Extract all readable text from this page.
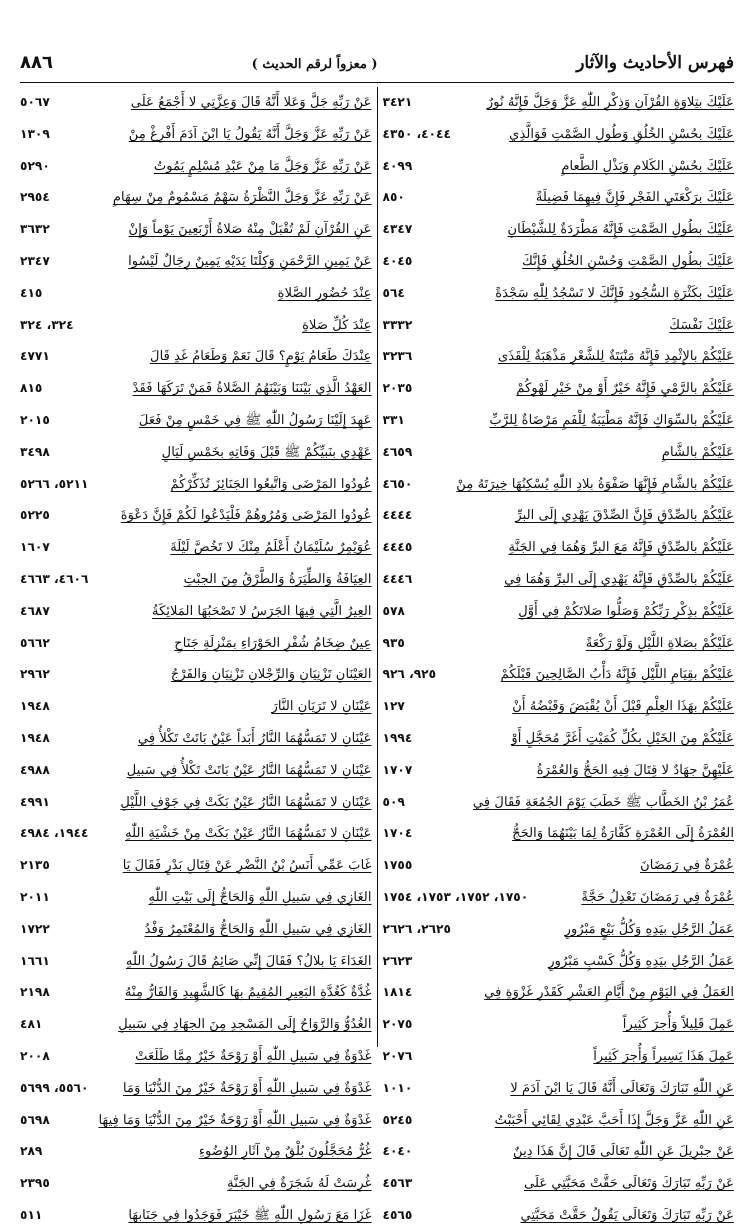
فهرس الأحاديث والآثار
( معزواً لرقم الحديث )
٨٨٦
عَلَيْكَ بِتِلاوَةِ القُرْآنِ وَذِكْرِ اللّٰهِ عَزَّ وَجَلَّ فَإِنَّهُ نُورٌ
٣٤٢١
عَلَيْكَ بِحُسْنِ الخُلُقِ وَطُولِ الصَّمْتِ فَوَالَّذِي
٤٠٤٤، ٤٣٥٠
عَلَيْكَ بِحُسْنِ الكَلامِ وَبَذْلِ الطَّعامِ
٤٠٩٩
عَلَيْكَ بِرَكْعَتَيِ الفَجْرِ فَإِنَّ فِيهِمَا فَضِيلَةً
٨٥٠
عَلَيْكَ بِطُولِ الصَّمْتِ فَإِنَّهُ مَطْرَدَةٌ لِلشَّيْطَانِ
٤٣٤٧
عَلَيْكَ بِطُولِ الصَّمْتِ وَحُسْنِ الخُلُقِ فَإِنَّكَ
٤٠٤٥
عَلَيْكَ بِكَثْرَةِ السُّجُودِ فَإِنَّكَ لا تَسْجُدُ لِلّٰهِ سَجْدَةً
٥٦٤
عَلَيْكَ نَفْسَكَ
٣٣٣٢
عَلَيْكُمْ بِالإِثْمِدِ فَإِنَّهُ مَنْبَتَةٌ لِلشَّعْرِ مَذْهَبَةٌ لِلْقَذَى
٣٢٣٦
عَلَيْكُمْ بِالرَّمْيِ فَإِنَّهُ خَيْرٌ أَوْ مِنْ خَيْرِ لَهْوِكُمْ
٢٠٣٥
عَلَيْكُمْ بِالسِّوَاكِ فَإِنَّهُ مَطْيَبَةٌ لِلْفَمِ مَرْضَاةٌ لِلرَّبِّ
٣٣١
عَلَيْكُمْ بِالشَّامِ
٤٦٥٩
عَلَيْكُمْ بِالشَّامِ فَإِنَّهَا صَفْوَةُ بِلادِ اللّٰهِ يُسْكِنُهَا خِيرَتَهُ مِنْ
٤٦٥٠
عَلَيْكُمْ بِالصِّدْقِ فَإِنَّ الصِّدْقَ يَهْدِي إِلَى البِرِّ
٤٤٤٤
عَلَيْكُمْ بِالصِّدْقِ فَإِنَّهُ مَعَ البِرِّ وَهُمَا فِي الجَنَّةِ
٤٤٤٥
عَلَيْكُمْ بِالصِّدْقِ فَإِنَّهُ يَهْدِي إِلَى البِرِّ وَهُمَا فِي
٤٤٤٦
عَلَيْكُمْ بِذِكْرِ رَبِّكُمْ وَصَلُّوا صَلاتَكُمْ فِي أَوَّلِ
٥٧٨
عَلَيْكُمْ بِصَلاةِ اللَّيْلِ وَلَوْ رَكْعَةً
٩٣٥
عَلَيْكُمْ بِقِيَامِ اللَّيْلِ فَإِنَّهُ دَأْبُ الصَّالِحِينَ قَبْلَكُمْ
٩٢٥، ٩٢٦
عَلَيْكُمْ بِهَذَا العِلْمِ قَبْلَ أَنْ يُقْبَضَ وَقَبْضُهُ أَنْ
١٢٧
عَلَيْكُمْ مِنَ الخَيْلِ بِكُلِّ كُمَيْتٍ أَغَرَّ مُحَجَّلٍ أَوْ
١٩٩٤
عَلَيْهِنَّ جِهَادٌ لا قِتَالَ فِيهِ الحَجُّ وَالعُمْرَةُ
١٧٠٧
عُمَرُ بْنُ الخَطَّابِ ﷺ خَطَبَ يَوْمَ الجُمُعَةِ فَقَالَ فِي
٥٠٩
العُمْرَةُ إِلَى العُمْرَةِ كَفَّارَةٌ لِمَا بَيْنَهُمَا وَالحَجُّ
١٧٠٤
عُمْرَةٌ فِي رَمَضَانَ
١٧٥٥
عُمْرَةٌ فِي رَمَضَانَ تَعْدِلُ حَجَّةً
١٧٥٠، ١٧٥٢، ١٧٥٣، ١٧٥٤
عَمَلُ الرَّجُلِ بِيَدِهِ وَكُلُّ بَيْعٍ مَبْرُورٍ
٢٦٢٥، ٢٦٢٦
عَمَلُ الرَّجُلِ بِيَدِهِ وَكُلُّ كَسْبٍ مَبْرُورٍ
٢٦٢٣
العَمَلُ فِي اليَوْمِ مِنْ أَيَّامِ العَشْرِ كَقَدْرِ غَزْوَةٍ فِي
١٨١٤
عَمِلَ قَلِيلاً وَأُجِرَ كَثِيراً
٢٠٧٥
عَمِلَ هَذَا يَسِيراً وَأُجِرَ كَثِيراً
٢٠٧٦
عَنِ اللّٰهِ تَبَارَكَ وَتَعَالَى أَنَّهُ قَالَ يَا ابْنَ آدَمَ لا
١٠١٠
عَنِ اللّٰهِ عَزَّ وَجَلَّ إِذَا أَحَبَّ عَبْدِي لِقَائِي أَحْبَبْتُ
٥٢٤٥
عَنْ جِبْرِيلَ عَنِ اللّٰهِ تَعَالَى قَالَ إِنَّ هَذَا دِينٌ
٤٠٤٠
عَنْ رَبِّهِ تَبَارَكَ وَتَعَالَى حَقَّتْ مَحَبَّتِي عَلَى
٤٥٦٣
عَنْ رَبِّهِ تَبَارَكَ وَتَعَالَى يَقُولُ حَقَّتْ مَحَبَّتِي
٤٥٦٥
عَنْ رَبِّهِ جَلَّ وَعَلا أَنَّهُ قَالَ وَعِزَّتِي لا أَجْمَعُ عَلَى
٥٠٦٧
عَنْ رَبِّهِ عَزَّ وَجَلَّ أَنَّهُ يَقُولُ يَا ابْنَ آدَمَ أَفْرِغْ مِنْ
١٣٠٩
عَنْ رَبِّهِ عَزَّ وَجَلَّ مَا مِنْ عَبْدٍ مُسْلِمٍ يَمُوتُ
٥٢٩٠
عَنْ رَبِّهِ عَزَّ وَجَلَّ النَّظْرَةُ سَهْمٌ مَسْمُومٌ مِنْ سِهَامِ
٢٩٥٤
عَنِ القُرْآنِ لَمْ تُقْبَلْ مِنْهُ صَلاةُ أَرْبَعِينَ يَوْماً وَإِنْ
٣٦٣٢
عَنْ يَمِينِ الرَّحْمَنِ وَكِلْتَا يَدَيْهِ يَمِينٌ رِجَالٌ لَيْسُوا
٢٣٤٧
عِنْدَ حُضُورِ الصَّلاةِ
٤١٥
عِنْدَ كُلِّ صَلاةٍ
٣٢٤، ٣٢٤
عِنْدَكَ طَعَامُ يَوْمٍ؟ قَالَ نَعَمْ وَطَعَامُ غَدٍ قَالَ
٤٧٧١
العَهْدُ الَّذِي بَيْنَنَا وَبَيْنَهُمُ الصَّلاةُ فَمَنْ تَرَكَهَا فَقَدْ
٨١٥
عَهِدَ إِلَيْنَا رَسُولُ اللّٰهِ ﷺ فِي خَمْسٍ مِنْ فَعَلَ
٢٠١٥
عَهْدِي بِنَبِيِّكُمْ ﷺ قَبْلَ وَفَاتِهِ بِخَمْسِ لَيَالٍ
٣٤٩٨
عُودُوا المَرْضَى وَاتَّبِعُوا الجَنَائِزَ تُذَكِّرْكُمْ
٥٢١١، ٥٢٦٦
عُودُوا المَرْضَى وَمُرُوهُمْ فَلْيَدْعُوا لَكُمْ فَإِنَّ دَعْوَةَ
٥٢٢٥
عُوَيْمِرٌ سُلَيْمَانُ أَعْلَمُ مِنْكَ لا تَخُصَّ لَيْلَةَ
١٦٠٧
العِيَافَةُ وَالطِّيَرَةُ وَالطَّرْقُ مِنَ الجِبْتِ
٤٦٠٦، ٤٦٦٣
العِيرُ الَّتِي فِيهَا الجَرَسُ لا تَصْحَبُهَا المَلائِكَةُ
٤٦٨٧
عِينٌ ضِخَامُ شُفْرِ الحَوْرَاءِ بِمَنْزِلَةِ جَنَاحِ
٥٦٦٢
العَيْنَانِ تَزْنِيَانِ وَالرِّجْلانِ تَزْنِيَانِ وَالفَرْجُ
٢٩٦٢
عَيْنَانِ لا تَرَيَانِ النَّارَ
١٩٤٨
عَيْنَانِ لا تَمَسُّهُمَا النَّارُ أَبَداً عَيْنٌ بَاتَتْ تَكْلأُ فِي
١٩٤٨
عَيْنَانِ لا تَمَسُّهُمَا النَّارُ عَيْنٌ بَاتَتْ تَكْلأُ فِي سَبِيلِ
٤٩٨٨
عَيْنَانِ لا تَمَسُّهُمَا النَّارُ عَيْنٌ بَكَتْ فِي جَوْفِ اللَّيْلِ
٤٩٩١
عَيْنَانِ لا تَمَسُّهُمَا النَّارُ عَيْنٌ بَكَتْ مِنْ خَشْيَةِ اللّٰهِ
١٩٤٤، ٤٩٨٤
غَابَ عَمِّي أَنَسُ بْنُ النَّضْرِ عَنْ قِتَالِ بَدْرٍ فَقَالَ يَا
٢١٣٥
الغَازِي فِي سَبِيلِ اللّٰهِ وَالحَاجُّ إِلَى بَيْتِ اللّٰهِ
٢٠١١
الغَازِي فِي سَبِيلِ اللّٰهِ وَالحَاجُّ وَالمُعْتَمِرُ وَفْدُ
١٧٢٢
الغَدَاءَ يَا بِلالُ؟ فَقَالَ إِنِّي صَائِمٌ قَالَ رَسُولُ اللّٰهِ
١٦٦١
غُدَّةٌ كَغُدَّةِ البَعِيرِ المُقِيمُ بِهَا كَالشَّهِيدِ وَالفَارُّ مِنْهُ
٢١٩٨
الغُدُوُّ وَالرَّوَاحُ إِلَى المَسْجِدِ مِنَ الجِهَادِ فِي سَبِيلِ
٤٨١
غَدْوَةٌ فِي سَبِيلِ اللّٰهِ أَوْ رَوْحَةٌ خَيْرٌ مِمَّا طَلَعَتْ
٢٠٠٨
غَدْوَةٌ فِي سَبِيلِ اللّٰهِ أَوْ رَوْحَةٌ خَيْرٌ مِنَ الدُّنْيَا وَمَا
٥٥٦٠، ٥٦٩٩
غَدْوَةٌ فِي سَبِيلِ اللّٰهِ أَوْ رَوْحَةٌ خَيْرٌ مِنَ الدُّنْيَا وَمَا فِيهَا
٥٦٩٨
غُرٌّ مُحَجَّلُونَ بُلْقٌ مِنْ آثَارِ الوُضُوءِ
٢٨٩
غُرِسَتْ لَهُ شَجَرَةٌ فِي الجَنَّةِ
٢٣٩٥
غَزَا مَعَ رَسُولِ اللّٰهِ ﷺ خَيْبَرَ فَوَجَدُوا فِي جَنَابِهَا
٥١١
